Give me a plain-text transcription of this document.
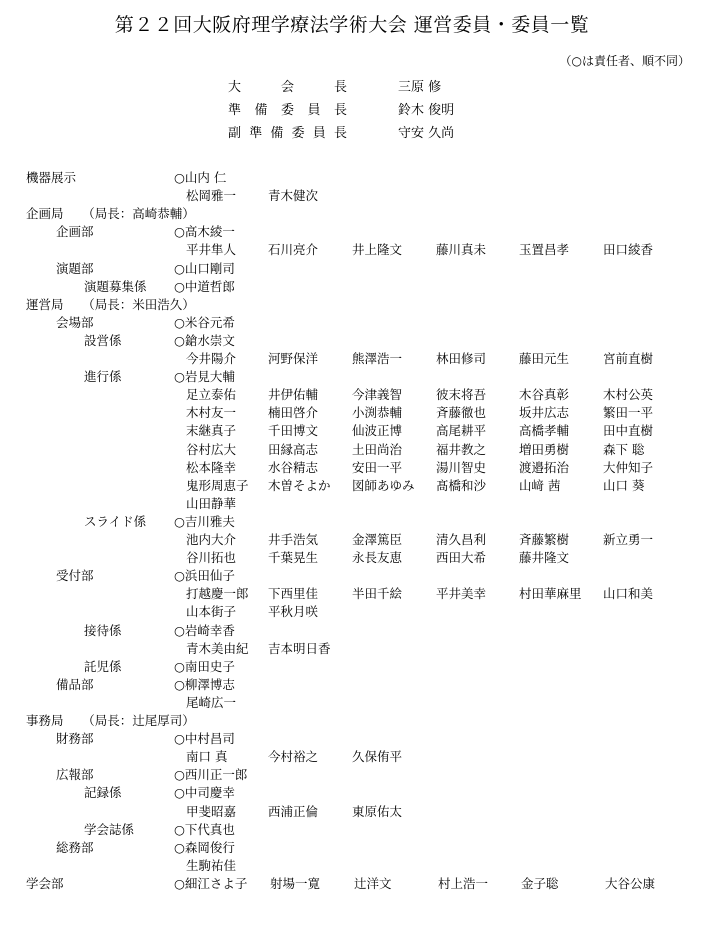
第２２回大阪府理学療法学術大会 運営委員・委員一覧
（○は責任者、順不同）
大会長	三原 修
準備委員長	鈴木 俊明
副準備委員長	守安 久尚
機器展示	○山内 仁
松岡雅一	青木健次
企画局　　（局長：高崎恭輔）
企画部	○高木綾一
平井隼人	石川亮介	井上隆文	藤川真未	玉置昌孝	田口綾香
演題部	○山口剛司
演題募集係 ○中道哲郎
運営局　　（局長：米田浩久）
会場部	○米谷元希
設営係	○鎗水崇文
今井陽介	河野保洋	熊澤浩一	林田修司	藤田元生	宮前直樹
進行係	○岩見大輔
足立泰佑	井伊佑輔	今津義智	彼末将吾	木谷真彰	木村公英
木村友一	楠田啓介	小渕恭輔	斉藤徹也	坂井広志	繁田一平
末継真子	千田博文	仙波正博	高尾耕平	高橋孝輔	田中直樹
谷村広大	田縁高志	土田尚治	福井教之	増田勇樹	森下 聡
松本隆幸	水谷精志	安田一平	湯川智史	渡邉拓治	大仲知子
鬼形周恵子 木曽そよか 図師あゆみ 髙橋和沙	山﨑 茜	山口 葵
山田静華
スライド係 ○吉川雅夫
池内大介	井手浩気	金澤篤臣	清久昌利	斉藤繁樹	新立勇一
谷川拓也	千葉晃生	永長友恵	西田大希	藤井隆文
受付部	○浜田仙子
打越慶一郎 下西里佳	半田千絵	平井美幸	村田華麻里 山口和美
山本街子	平秋月咲
接待係	○岩崎幸香
青木美由紀 吉本明日香
託児係	○南田史子
備品部	○柳澤博志
尾崎広一
事務局　　（局長：辻尾厚司）
財務部	○中村昌司
南口 真	今村裕之	久保侑平
広報部	○西川正一郎
記録係	○中司慶幸
甲斐昭嘉	西浦正倫	東原佑太
学会誌係	○下代真也
総務部	○森岡俊行
生駒祐佳
学会部	○細江さよ子 射場一寛	辻洋文	村上浩一	金子聡	大谷公康
